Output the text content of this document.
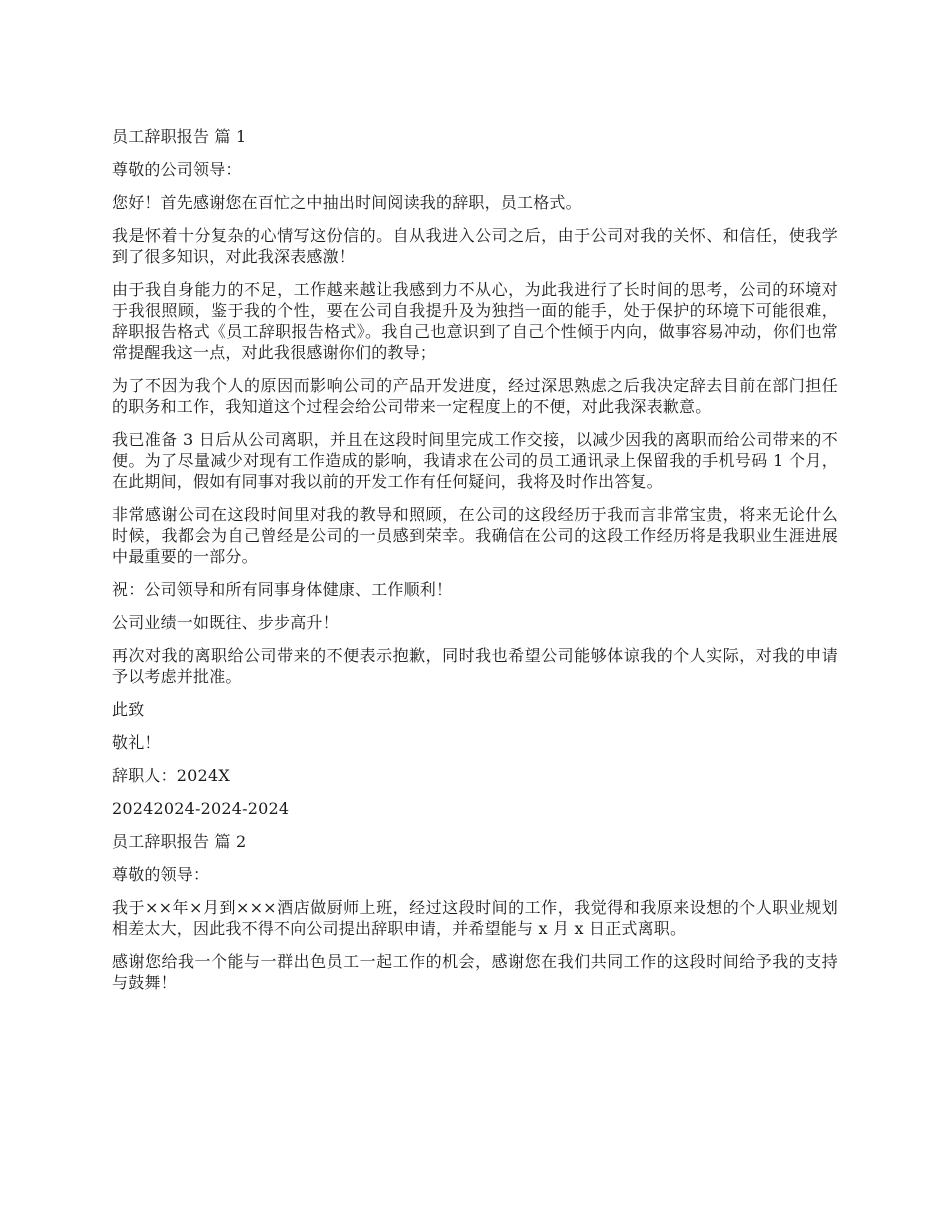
员工辞职报告 篇 1

尊敬的公司领导：

您好！首先感谢您在百忙之中抽出时间阅读我的辞职，员工格式。

我是怀着十分复杂的心情写这份信的。自从我进入公司之后，由于公司对我的关怀、和信任，使我学到了很多知识，对此我深表感激！

由于我自身能力的不足，工作越来越让我感到力不从心，为此我进行了长时间的思考，公司的环境对于我很照顾，鉴于我的个性，要在公司自我提升及为独挡一面的能手，处于保护的环境下可能很难，辞职报告格式《员工辞职报告格式》。我自己也意识到了自己个性倾于内向，做事容易冲动，你们也常常提醒我这一点，对此我很感谢你们的教导；

为了不因为我个人的原因而影响公司的产品开发进度，经过深思熟虑之后我决定辞去目前在部门担任的职务和工作，我知道这个过程会给公司带来一定程度上的不便，对此我深表歉意。

我已准备 3 日后从公司离职，并且在这段时间里完成工作交接，以减少因我的离职而给公司带来的不便。为了尽量减少对现有工作造成的影响，我请求在公司的员工通讯录上保留我的手机号码 1 个月，在此期间，假如有同事对我以前的开发工作有任何疑问，我将及时作出答复。

非常感谢公司在这段时间里对我的教导和照顾，在公司的这段经历于我而言非常宝贵，将来无论什么时候，我都会为自己曾经是公司的一员感到荣幸。我确信在公司的这段工作经历将是我职业生涯进展中最重要的一部分。

祝：公司领导和所有同事身体健康、工作顺利！

公司业绩一如既往、步步高升！

再次对我的离职给公司带来的不便表示抱歉，同时我也希望公司能够体谅我的个人实际，对我的申请予以考虑并批准。

此致

敬礼！

辞职人：2024X

20242024-2024-2024

员工辞职报告 篇 2

尊敬的领导：

我于××年×月到×××酒店做厨师上班，经过这段时间的工作，我觉得和我原来设想的个人职业规划相差太大，因此我不得不向公司提出辞职申请，并希望能与 x 月 x 日正式离职。

感谢您给我一个能与一群出色员工一起工作的机会，感谢您在我们共同工作的这段时间给予我的支持与鼓舞！
